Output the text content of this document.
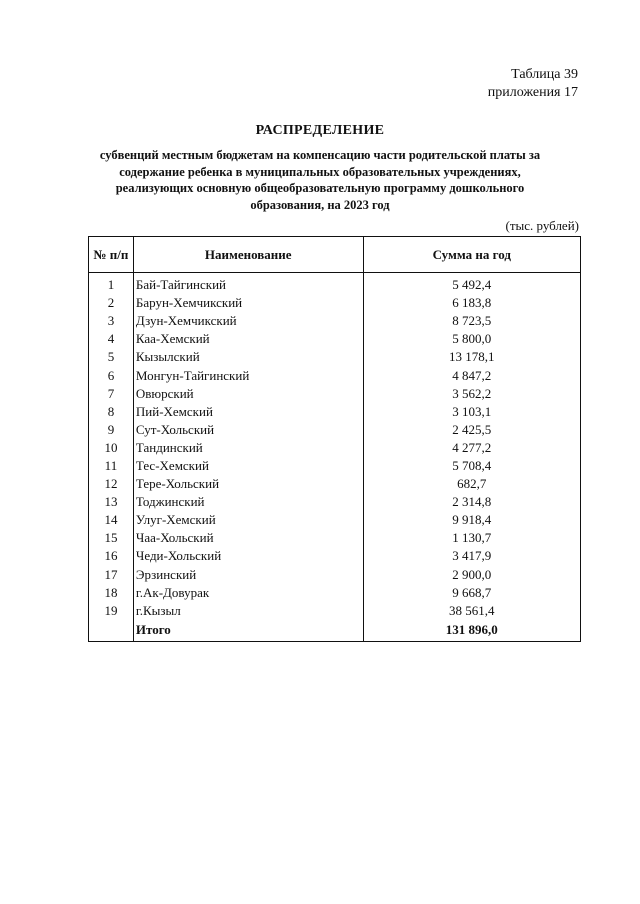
Таблица 39
приложения 17
РАСПРЕДЕЛЕНИЕ
субвенций местным бюджетам на компенсацию части родительской платы за
содержание ребенка в муниципальных образовательных учреждениях,
реализующих основную общеобразовательную программу дошкольного
образования, на 2023 год
(тыс. рублей)
№ п/п	Наименование	Сумма на год
1	Бай-Тайгинский	5 492,4
2	Барун-Хемчикский	6 183,8
3	Дзун-Хемчикский	8 723,5
4	Каа-Хемский	5 800,0
5	Кызылский	13 178,1
6	Монгун-Тайгинский	4 847,2
7	Овюрский	3 562,2
8	Пий-Хемский	3 103,1
9	Сут-Хольский	2 425,5
10	Тандинский	4 277,2
11	Тес-Хемский	5 708,4
12	Тере-Хольский	682,7
13	Тоджинский	2 314,8
14	Улуг-Хемский	9 918,4
15	Чаа-Хольский	1 130,7
16	Чеди-Хольский	3 417,9
17	Эрзинский	2 900,0
18	г.Ак-Довурак	9 668,7
19	г.Кызыл	38 561,4
	Итого	131 896,0
